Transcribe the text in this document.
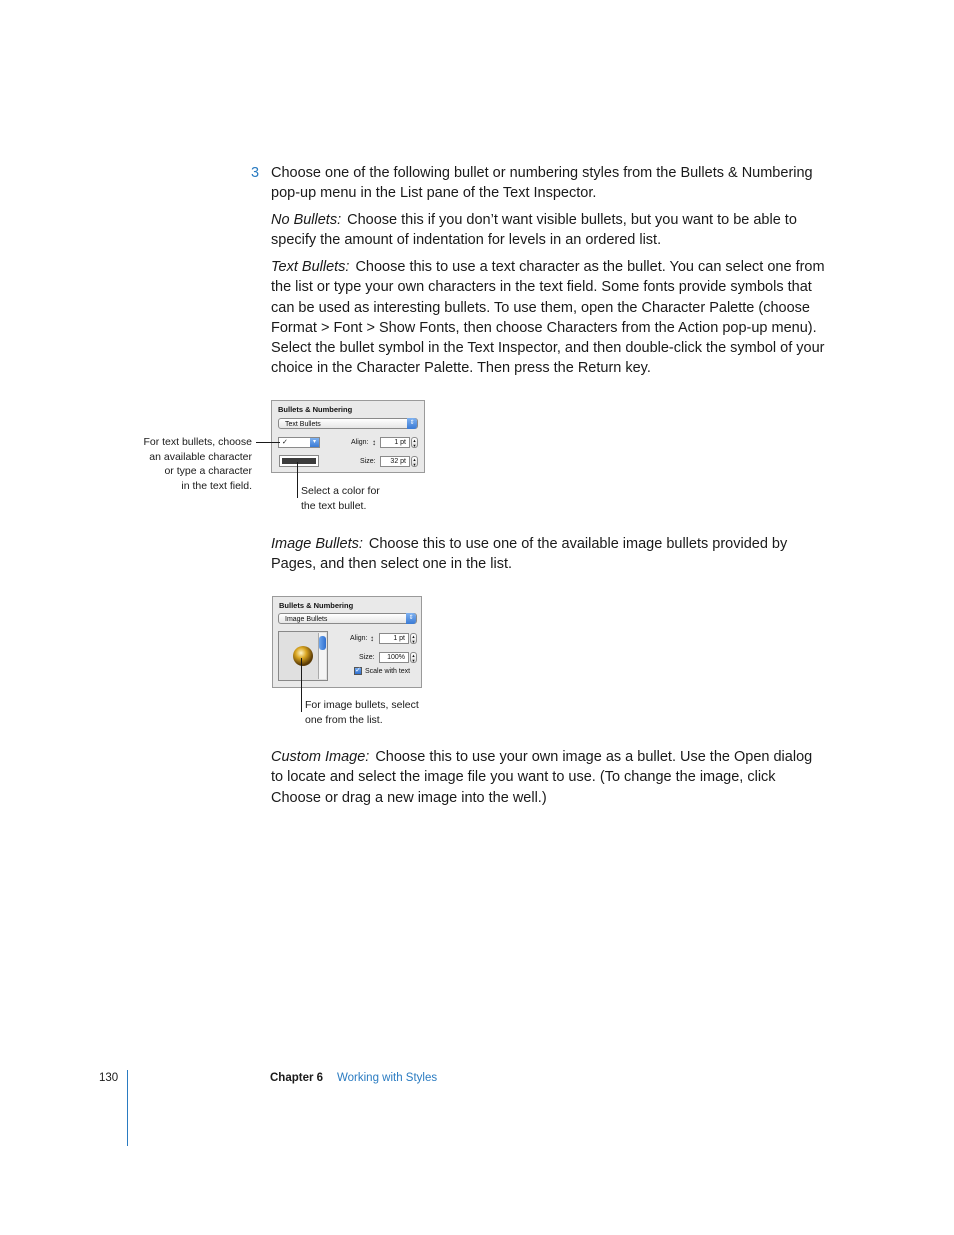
3 Choose one of the following bullet or numbering styles from the Bullets & Numbering pop-up menu in the List pane of the Text Inspector.

No Bullets: Choose this if you don’t want visible bullets, but you want to be able to specify the amount of indentation for levels in an ordered list.

Text Bullets: Choose this to use a text character as the bullet. You can select one from the list or type your own characters in the text field. Some fonts provide symbols that can be used as interesting bullets. To use them, open the Character Palette (choose Format > Font > Show Fonts, then choose Characters from the Action pop-up menu). Select the bullet symbol in the Text Inspector, and then double-click the symbol of your choice in the Character Palette. Then press the Return key.

Bullets & Numbering
Text Bullets	⇕
✓	▾	Align: ↕	1 pt	▲
▼
Size:	32 pt	▲
▼
For text bullets, choose
an available character
or type a character
in the text field.	Select a color for
the text bullet.

Image Bullets: Choose this to use one of the available image bullets provided by Pages, and then select one in the list.

Bullets & Numbering
Image Bullets	⇕
Align: ↕	1 pt	▲
▼
Size:	100%	▲
▼
✓ Scale with text
For image bullets, select
one from the list.

Custom Image: Choose this to use your own image as a bullet. Use the Open dialog to locate and select the image file you want to use. (To change the image, click Choose or drag a new image into the well.)

130	Chapter 6 Working with Styles
